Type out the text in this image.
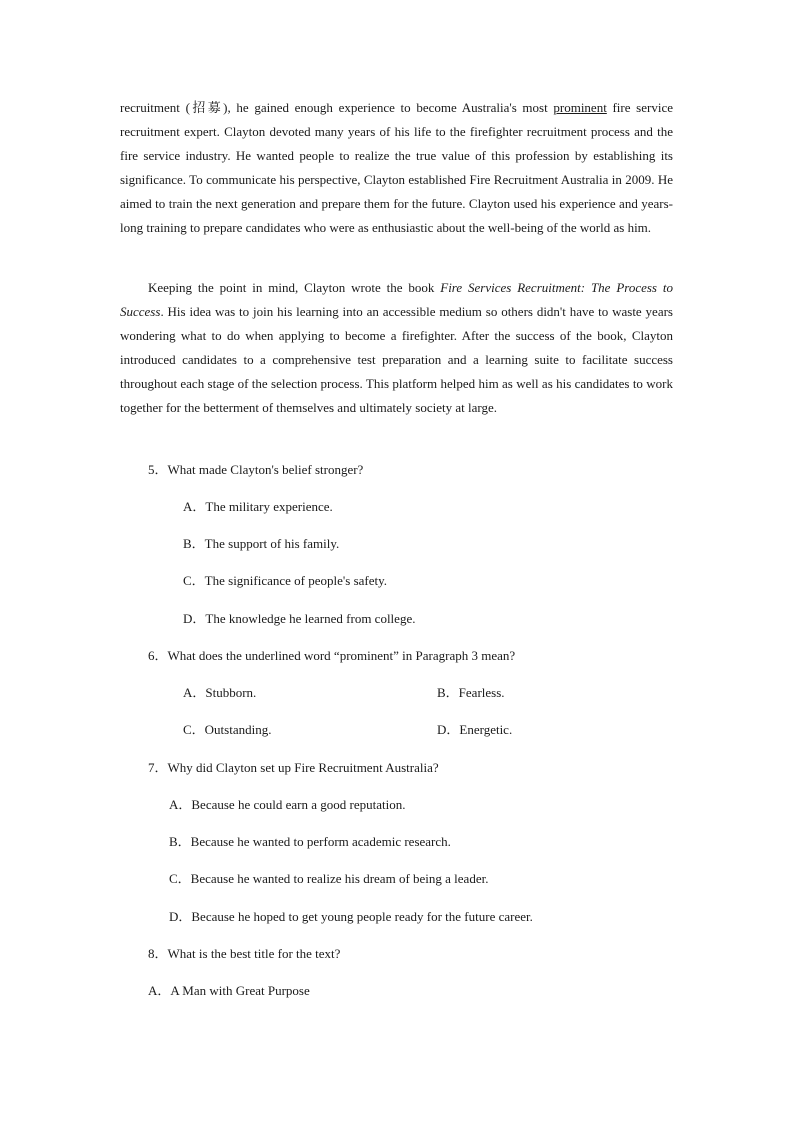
recruitment (招募), he gained enough experience to become Australia's most prominent fire service recruitment expert. Clayton devoted many years of his life to the firefighter recruitment process and the fire service industry. He wanted people to realize the true value of this profession by establishing its significance. To communicate his perspective, Clayton established Fire Recruitment Australia in 2009. He aimed to train the next generation and prepare them for the future. Clayton used his experience and years-long training to prepare candidates who were as enthusiastic about the well-being of the world as him.

Keeping the point in mind, Clayton wrote the book Fire Services Recruitment: The Process to Success. His idea was to join his learning into an accessible medium so others didn't have to waste years wondering what to do when applying to become a firefighter. After the success of the book, Clayton introduced candidates to a comprehensive test preparation and a learning suite to facilitate success throughout each stage of the selection process. This platform helped him as well as his candidates to work together for the betterment of themselves and ultimately society at large.

5．What made Clayton's belief stronger?
A．The military experience.
B．The support of his family.
C．The significance of people's safety.
D．The knowledge he learned from college.
6．What does the underlined word “prominent” in Paragraph 3 mean?
A．Stubborn.	B．Fearless.
C．Outstanding.	D．Energetic.
7．Why did Clayton set up Fire Recruitment Australia?
A．Because he could earn a good reputation.
B．Because he wanted to perform academic research.
C．Because he wanted to realize his dream of being a leader.
D．Because he hoped to get young people ready for the future career.
8．What is the best title for the text?
A．A Man with Great Purpose
